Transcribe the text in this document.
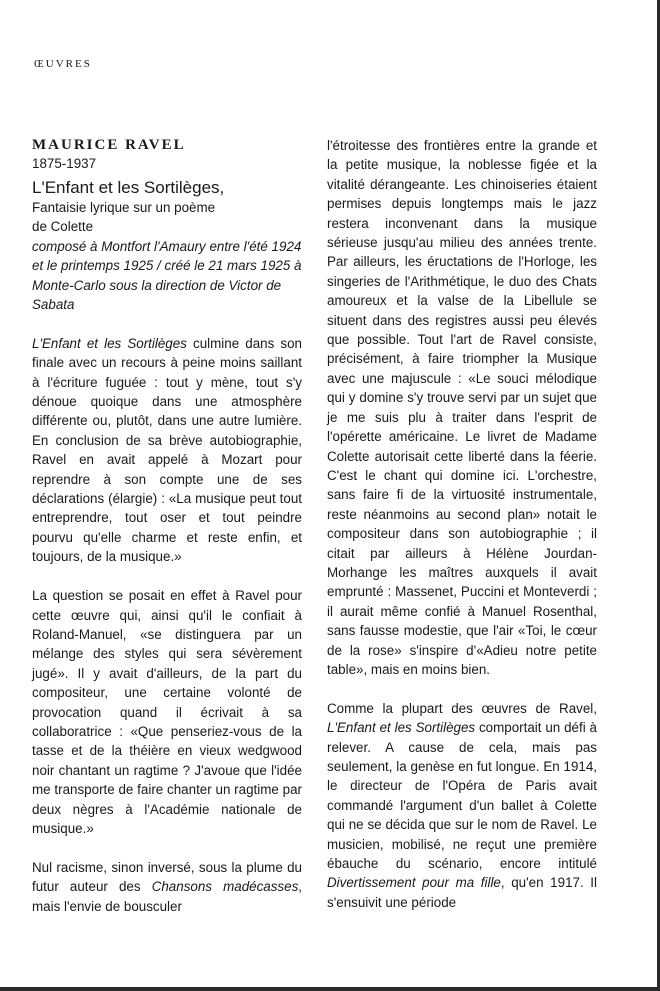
ŒUVRES
MAURICE RAVEL
1875-1937
L'Enfant et les Sortilèges,
Fantaisie lyrique sur un poème
de Colette
composé à Montfort l'Amaury entre l'été 1924 et le printemps 1925 / créé le 21 mars 1925 à Monte-Carlo sous la direction de Victor de Sabata

L'Enfant et les Sortilèges culmine dans son finale avec un recours à peine moins saillant à l'écriture fuguée : tout y mène, tout s'y dénoue quoique dans une atmosphère différente ou, plutôt, dans une autre lumière. En conclusion de sa brève autobiographie, Ravel en avait appelé à Mozart pour reprendre à son compte une de ses déclarations (élargie) : «La musique peut tout entreprendre, tout oser et tout peindre pourvu qu'elle charme et reste enfin, et toujours, de la musique.»

La question se posait en effet à Ravel pour cette œuvre qui, ainsi qu'il le confiait à Roland-Manuel, «se distinguera par un mélange des styles qui sera sévèrement jugé». Il y avait d'ailleurs, de la part du compositeur, une certaine volonté de provocation quand il écrivait à sa collaboratrice : «Que penseriez-vous de la tasse et de la théière en vieux wedgwood noir chantant un ragtime ? J'avoue que l'idée me transporte de faire chanter un ragtime par deux nègres à l'Académie nationale de musique.»

Nul racisme, sinon inversé, sous la plume du futur auteur des Chansons madécasses, mais l'envie de bousculer

l'étroitesse des frontières entre la grande et la petite musique, la noblesse figée et la vitalité dérangeante. Les chinoiseries étaient permises depuis longtemps mais le jazz restera inconvenant dans la musique sérieuse jusqu'au milieu des années trente. Par ailleurs, les éructations de l'Horloge, les singeries de l'Arithmétique, le duo des Chats amoureux et la valse de la Libellule se situent dans des registres aussi peu élevés que possible. Tout l'art de Ravel consiste, précisément, à faire triompher la Musique avec une majuscule : «Le souci mélodique qui y domine s'y trouve servi par un sujet que je me suis plu à traiter dans l'esprit de l'opérette américaine. Le livret de Madame Colette autorisait cette liberté dans la féerie. C'est le chant qui domine ici. L'orchestre, sans faire fi de la virtuosité instrumentale, reste néanmoins au second plan» notait le compositeur dans son autobiographie ; il citait par ailleurs à Hélène Jourdan-Morhange les maîtres auxquels il avait emprunté : Massenet, Puccini et Monteverdi ; il aurait même confié à Manuel Rosenthal, sans fausse modestie, que l'air «Toi, le cœur de la rose» s'inspire d'«Adieu notre petite table», mais en moins bien.

Comme la plupart des œuvres de Ravel, L'Enfant et les Sortilèges comportait un défi à relever. A cause de cela, mais pas seulement, la genèse en fut longue. En 1914, le directeur de l'Opéra de Paris avait commandé l'argument d'un ballet à Colette qui ne se décida que sur le nom de Ravel. Le musicien, mobilisé, ne reçut une première ébauche du scénario, encore intitulé Divertissement pour ma fille, qu'en 1917. Il s'ensuivit une période
